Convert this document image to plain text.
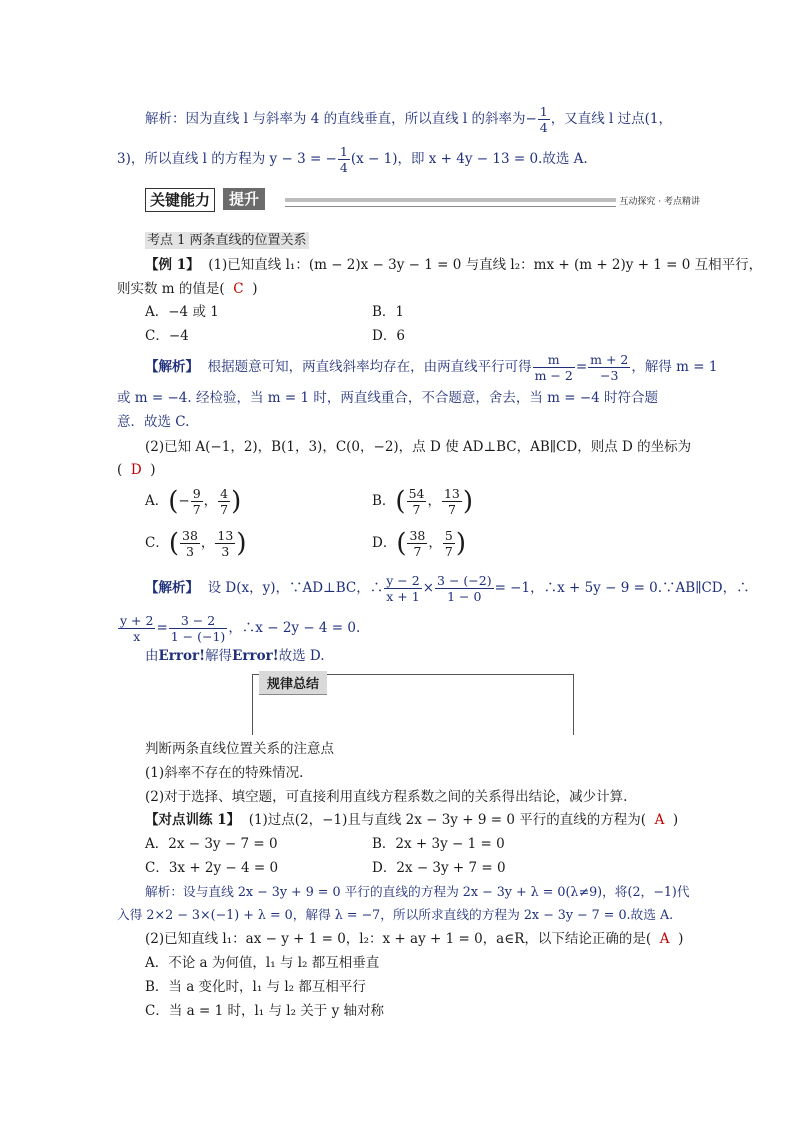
解析：因为直线 l 与斜率为 4 的直线垂直，所以直线 l 的斜率为− $\frac{1}{4}$ ，又直线 l 过点(1，
3)，所以直线 l 的方程为 y − 3 = − $\frac{1}{4} (x - 1)$，即 x + 4y − 13 = 0.故选 A.
关键能力	提升	互动探究 · 考点精讲
考点 1 两条直线的位置关系
【例 1】 (1)已知直线 l₁：(m − 2)x − 3y − 1 = 0 与直线 l₂：mx + (m + 2)y + 1 = 0 互相平行，
则实数 m 的值是( C )
A．−4 或 1	B．1
C．−4	D．6
【解析】 根据题意可知，两直线斜率均存在，由两直线平行可得 $\frac{m}{m - 2} = \frac{m + 2}{-3}$ ，解得 m = 1
或 m = −4. 经检验，当 m = 1 时，两直线重合，不合题意，舍去，当 m = −4 时符合题
意．故选 C.
(2)已知 A(−1，2)，B(1，3)，C(0，−2)，点 D 使 AD⊥BC，AB∥CD，则点 D 的坐标为
( D )
A．(− $\frac{9}{7}$ ， $\frac{4}{7}$ )	B．( $\frac{54}{7}$ ， $\frac{13}{7}$ )
C．( $\frac{38}{3}$ ， $\frac{13}{3}$ )	D．( $\frac{38}{7}$ ， $\frac{5}{7}$ )
【解析】 设 D(x，y)，∵AD⊥BC，∴ $\frac{y - 2}{x + 1} \times \frac{3 - (-2)}{1 - 0} = -1$，∴x + 5y − 9 = 0.∵AB∥CD，∴
$\frac{y + 2}{x} = \frac{3 - 2}{1 - (-1)}$ ，∴x − 2y − 4 = 0.
由Error!解得Error!故选 D.
规律总结
判断两条直线位置关系的注意点
(1)斜率不存在的特殊情况.
(2)对于选择、填空题，可直接利用直线方程系数之间的关系得出结论，减少计算.
【对点训练 1】 (1)过点(2，−1)且与直线 2x − 3y + 9 = 0 平行的直线的方程为( A )
A．2x − 3y − 7 = 0	B．2x + 3y − 1 = 0
C．3x + 2y − 4 = 0	D．2x − 3y + 7 = 0
解析：设与直线 2x − 3y + 9 = 0 平行的直线的方程为 2x − 3y + λ = 0(λ≠9)，将(2，−1)代
入得 2×2 − 3×(−1) + λ = 0，解得 λ = −7，所以所求直线的方程为 2x − 3y − 7 = 0.故选 A.
(2)已知直线 l₁：ax − y + 1 = 0，l₂：x + ay + 1 = 0，a∈R，以下结论正确的是( A )
A．不论 a 为何值，l₁ 与 l₂ 都互相垂直
B．当 a 变化时，l₁ 与 l₂ 都互相平行
C．当 a = 1 时，l₁ 与 l₂ 关于 y 轴对称
